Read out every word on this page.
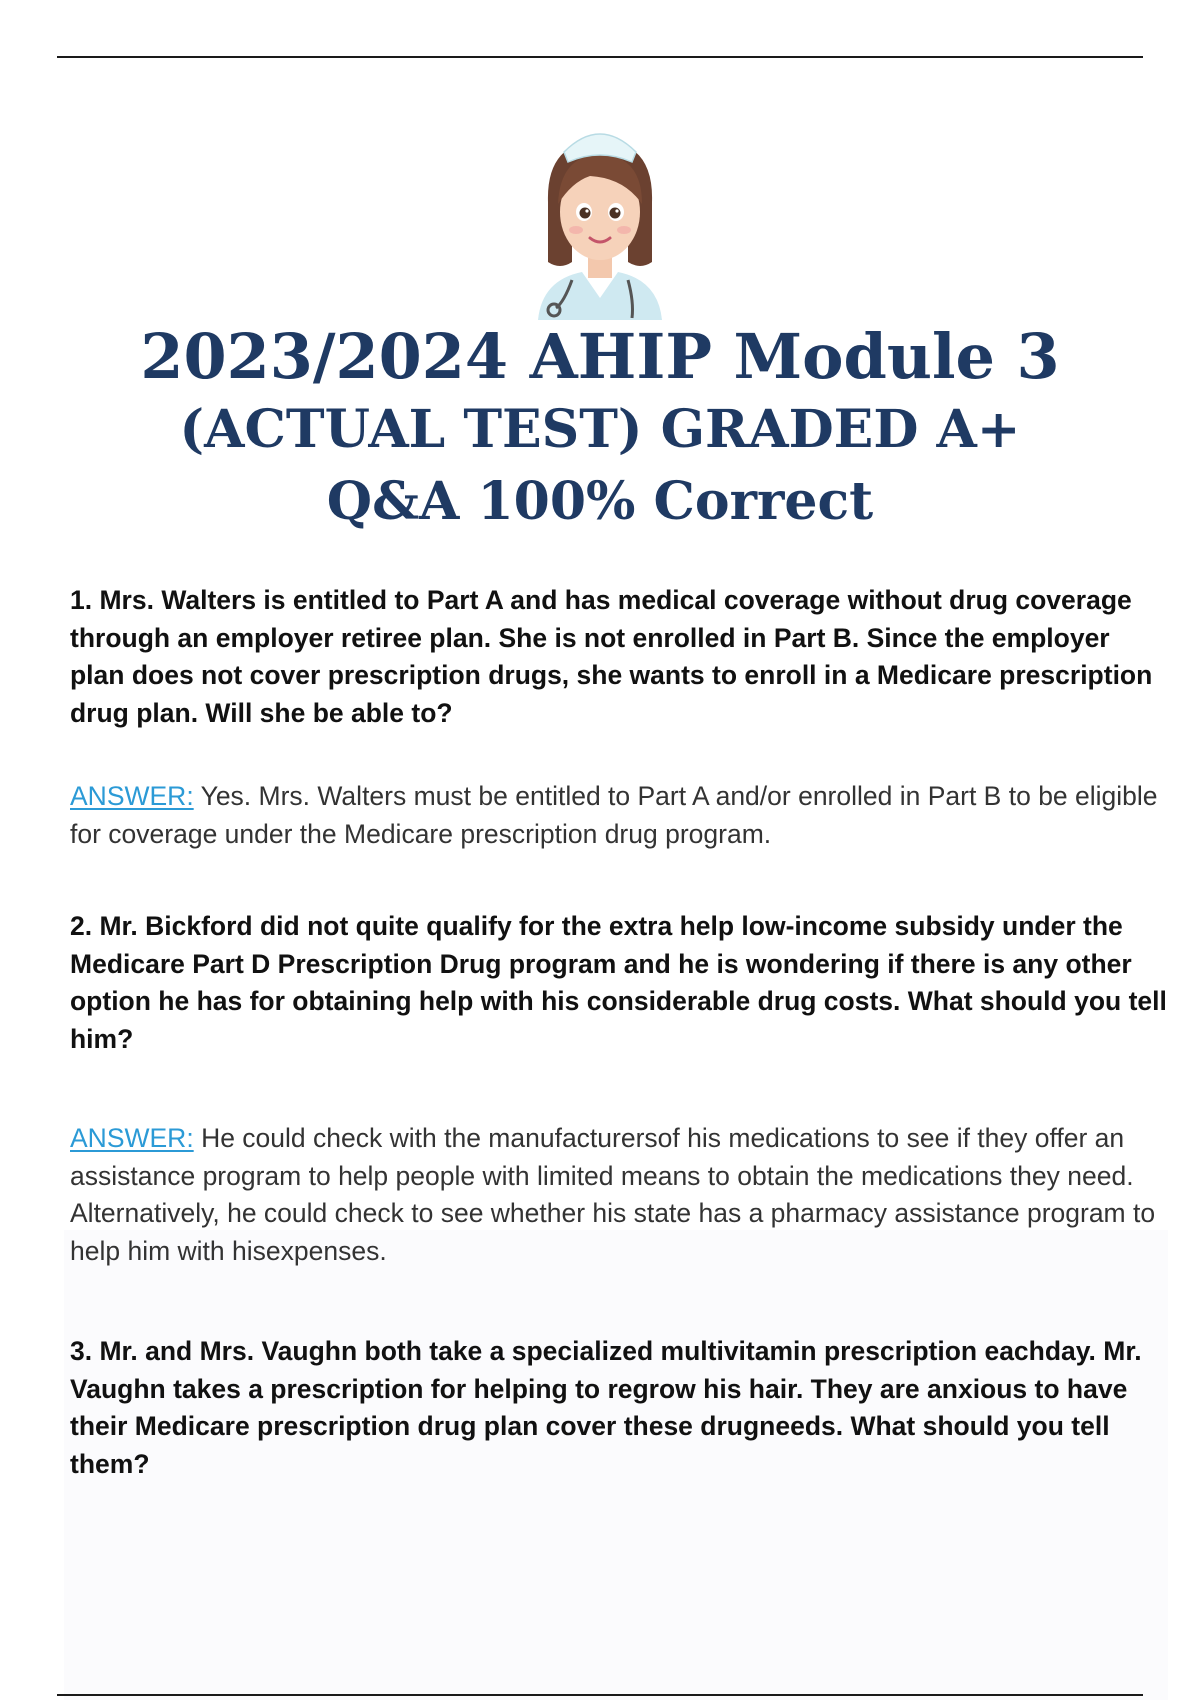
2023/2024 AHIP Module 3
(ACTUAL TEST) GRADED A+
Q&A 100% Correct
1. Mrs. Walters is entitled to Part A and has medical coverage without drug coverage through an employer retiree plan. She is not enrolled in Part B. Since the employer plan does not cover prescription drugs, she wants to enroll in a Medicare prescription drug plan. Will she be able to?
ANSWER: Yes. Mrs. Walters must be entitled to Part A and/or enrolled in Part B to be eligible for coverage under the Medicare prescription drug program.
2. Mr. Bickford did not quite qualify for the extra help low-income subsidy under the Medicare Part D Prescription Drug program and he is wondering if there is any other option he has for obtaining help with his considerable drug costs. What should you tell him?
ANSWER: He could check with the manufacturersof his medications to see if they offer an assistance program to help people with limited means to obtain the medications they need. Alternatively, he could check to see whether his state has a pharmacy assistance program to help him with hisexpenses.
3. Mr. and Mrs. Vaughn both take a specialized multivitamin prescription eachday. Mr. Vaughn takes a prescription for helping to regrow his hair. They are anxious to have their Medicare prescription drug plan cover these drugneeds. What should you tell them?
